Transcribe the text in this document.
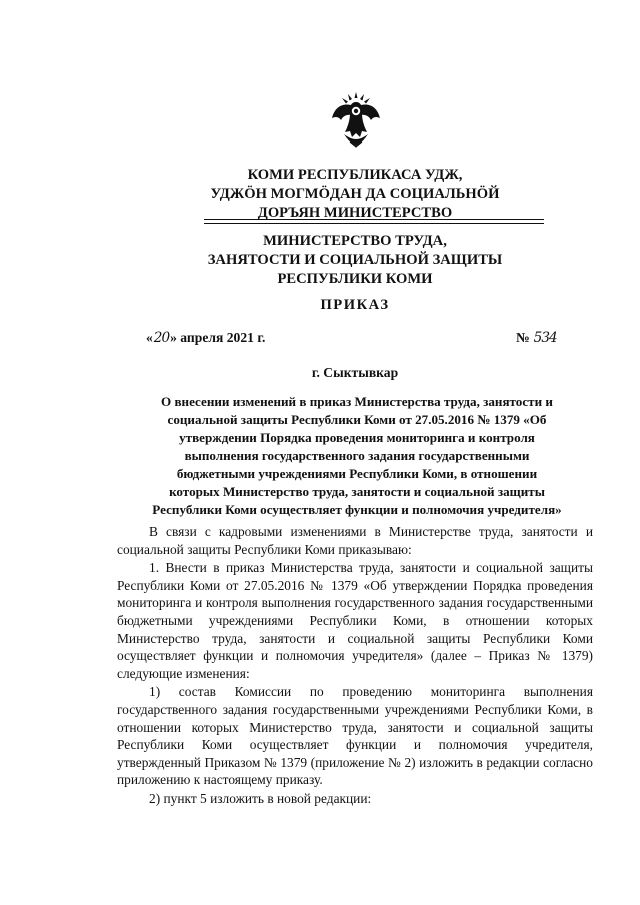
КОМИ РЕСПУБЛИКАСА УДЖ,
УДЖӦН МОГМӦДАН ДА СОЦИАЛЬНӦЙ
ДОРЪЯН МИНИСТЕРСТВО
МИНИСТЕРСТВО ТРУДА,
ЗАНЯТОСТИ И СОЦИАЛЬНОЙ ЗАЩИТЫ
РЕСПУБЛИКИ КОМИ
ПРИКАЗ
«20» апреля 2021 г.	№ 534
г. Сыктывкар
О внесении изменений в приказ Министерства труда, занятости и
социальной защиты Республики Коми от 27.05.2016 № 1379 «Об
утверждении Порядка проведения мониторинга и контроля
выполнения государственного задания государственными
бюджетными учреждениями Республики Коми, в отношении
которых Министерство труда, занятости и социальной защиты
Республики Коми осуществляет функции и полномочия учредителя»

В связи с кадровыми изменениями в Министерстве труда, занятости и социальной защиты Республики Коми приказываю:

1. Внести в приказ Министерства труда, занятости и социальной защиты Республики Коми от 27.05.2016 № 1379 «Об утверждении Порядка проведения мониторинга и контроля выполнения государственного задания государственными бюджетными учреждениями Республики Коми, в отношении которых Министерство труда, занятости и социальной защиты Республики Коми осуществляет функции и полномочия учредителя» (далее – Приказ № 1379) следующие изменения:

1) состав Комиссии по проведению мониторинга выполнения государственного задания государственными учреждениями Республики Коми, в отношении которых Министерство труда, занятости и социальной защиты Республики Коми осуществляет функции и полномочия учредителя, утвержденный Приказом № 1379 (приложение № 2) изложить в редакции согласно приложению к настоящему приказу.

2) пункт 5 изложить в новой редакции:
